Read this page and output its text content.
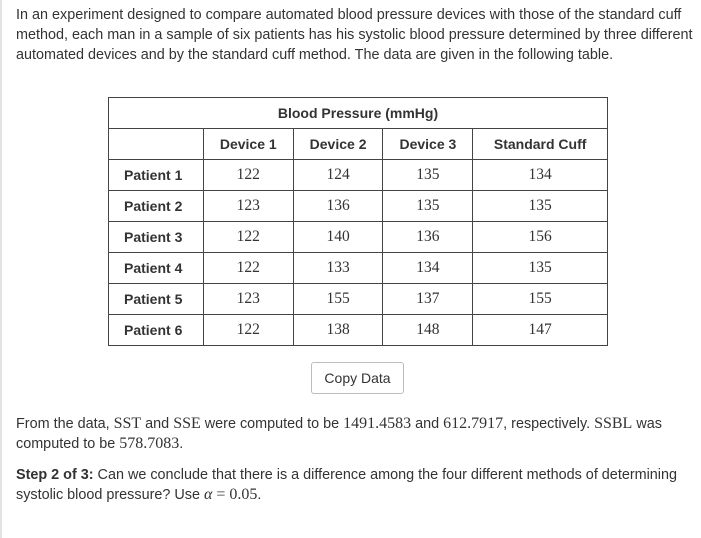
In an experiment designed to compare automated blood pressure devices with those of the standard cuff method, each man in a sample of six patients has his systolic blood pressure determined by three different automated devices and by the standard cuff method. The data are given in the following table.
Blood Pressure (mmHg)				
	Device 1	Device 2	Device 3	Standard Cuff
Patient 1	122	124	135	134
Patient 2	123	136	135	135
Patient 3	122	140	136	156
Patient 4	122	133	134	135
Patient 5	123	155	137	155
Patient 6	122	138	148	147
Copy Data
From the data, SST and SSE were computed to be 1491.4583 and 612.7917, respectively. SSBL was computed to be 578.7083.
Step 2 of 3: Can we conclude that there is a difference among the four different methods of determining systolic blood pressure? Use α = 0.05.
